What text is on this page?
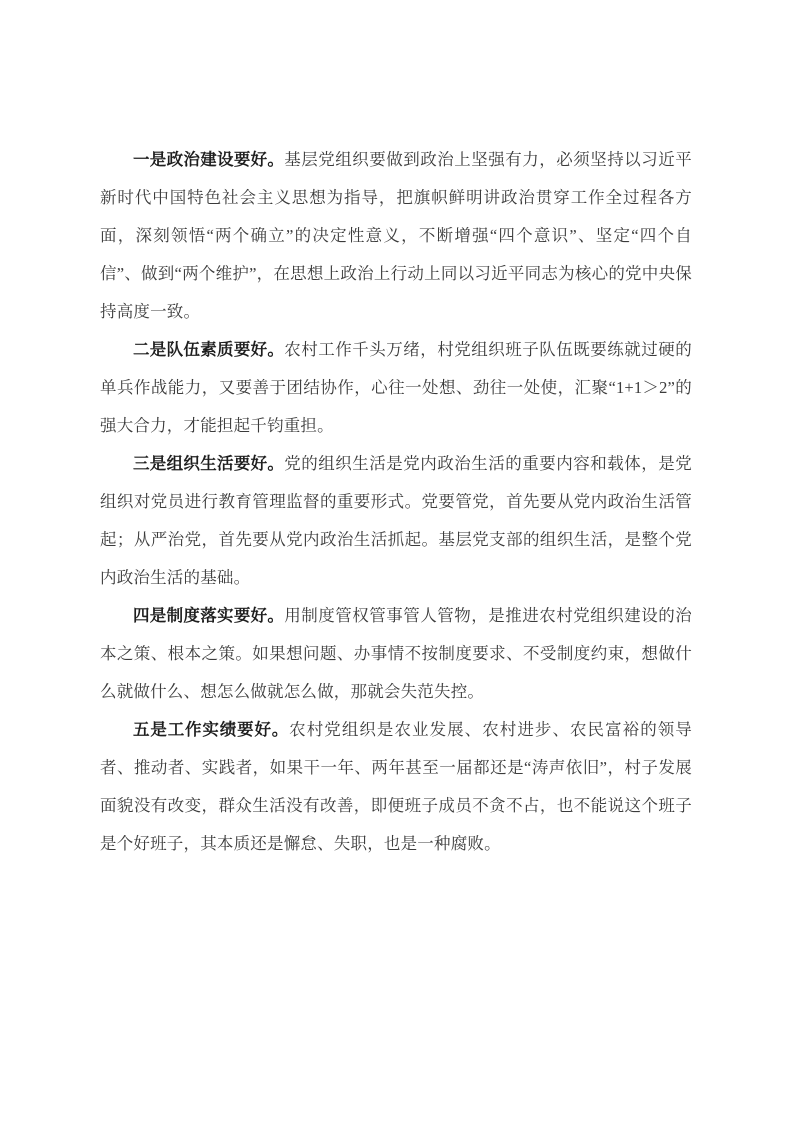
一是政治建设要好。基层党组织要做到政治上坚强有力，必须坚持以习近平新时代中国特色社会主义思想为指导，把旗帜鲜明讲政治贯穿工作全过程各方面，深刻领悟“两个确立”的决定性意义，不断增强“四个意识”、坚定“四个自信”、做到“两个维护”，在思想上政治上行动上同以习近平同志为核心的党中央保持高度一致。

二是队伍素质要好。农村工作千头万绪，村党组织班子队伍既要练就过硬的单兵作战能力，又要善于团结协作，心往一处想、劲往一处使，汇聚“1+1＞2”的强大合力，才能担起千钧重担。

三是组织生活要好。党的组织生活是党内政治生活的重要内容和载体，是党组织对党员进行教育管理监督的重要形式。党要管党，首先要从党内政治生活管起；从严治党，首先要从党内政治生活抓起。基层党支部的组织生活，是整个党内政治生活的基础。

四是制度落实要好。用制度管权管事管人管物，是推进农村党组织建设的治本之策、根本之策。如果想问题、办事情不按制度要求、不受制度约束，想做什么就做什么、想怎么做就怎么做，那就会失范失控。

五是工作实绩要好。农村党组织是农业发展、农村进步、农民富裕的领导者、推动者、实践者，如果干一年、两年甚至一届都还是“涛声依旧”，村子发展面貌没有改变，群众生活没有改善，即便班子成员不贪不占，也不能说这个班子是个好班子，其本质还是懈怠、失职，也是一种腐败。
